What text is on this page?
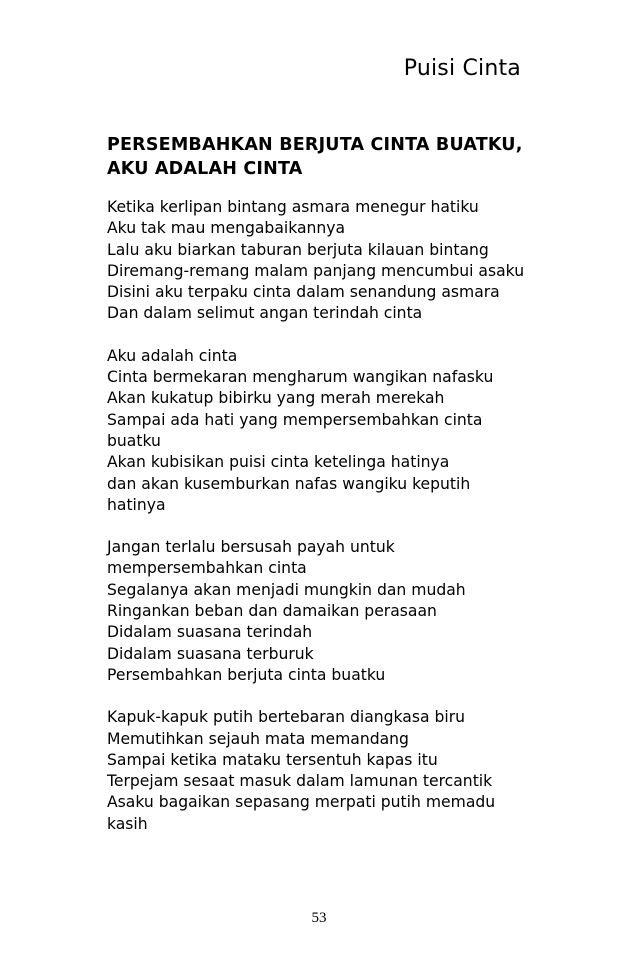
Puisi Cinta
PERSEMBAHKAN BERJUTA CINTA BUATKU,
AKU ADALAH CINTA
Ketika kerlipan bintang asmara menegur hatiku
Aku tak mau mengabaikannya
Lalu aku biarkan taburan berjuta kilauan bintang
Diremang-remang malam panjang mencumbui asaku
Disini aku terpaku cinta dalam senandung asmara
Dan dalam selimut angan terindah cinta
Aku adalah cinta
Cinta bermekaran mengharum wangikan nafasku
Akan kukatup bibirku yang merah merekah
Sampai ada hati yang mempersembahkan cinta
buatku
Akan kubisikan puisi cinta ketelinga hatinya
dan akan kusemburkan nafas wangiku keputih
hatinya
Jangan terlalu bersusah payah untuk
mempersembahkan cinta
Segalanya akan menjadi mungkin dan mudah
Ringankan beban dan damaikan perasaan
Didalam suasana terindah
Didalam suasana terburuk
Persembahkan berjuta cinta buatku
Kapuk-kapuk putih bertebaran diangkasa biru
Memutihkan sejauh mata memandang
Sampai ketika mataku tersentuh kapas itu
Terpejam sesaat masuk dalam lamunan tercantik
Asaku bagaikan sepasang merpati putih memadu
kasih
53
